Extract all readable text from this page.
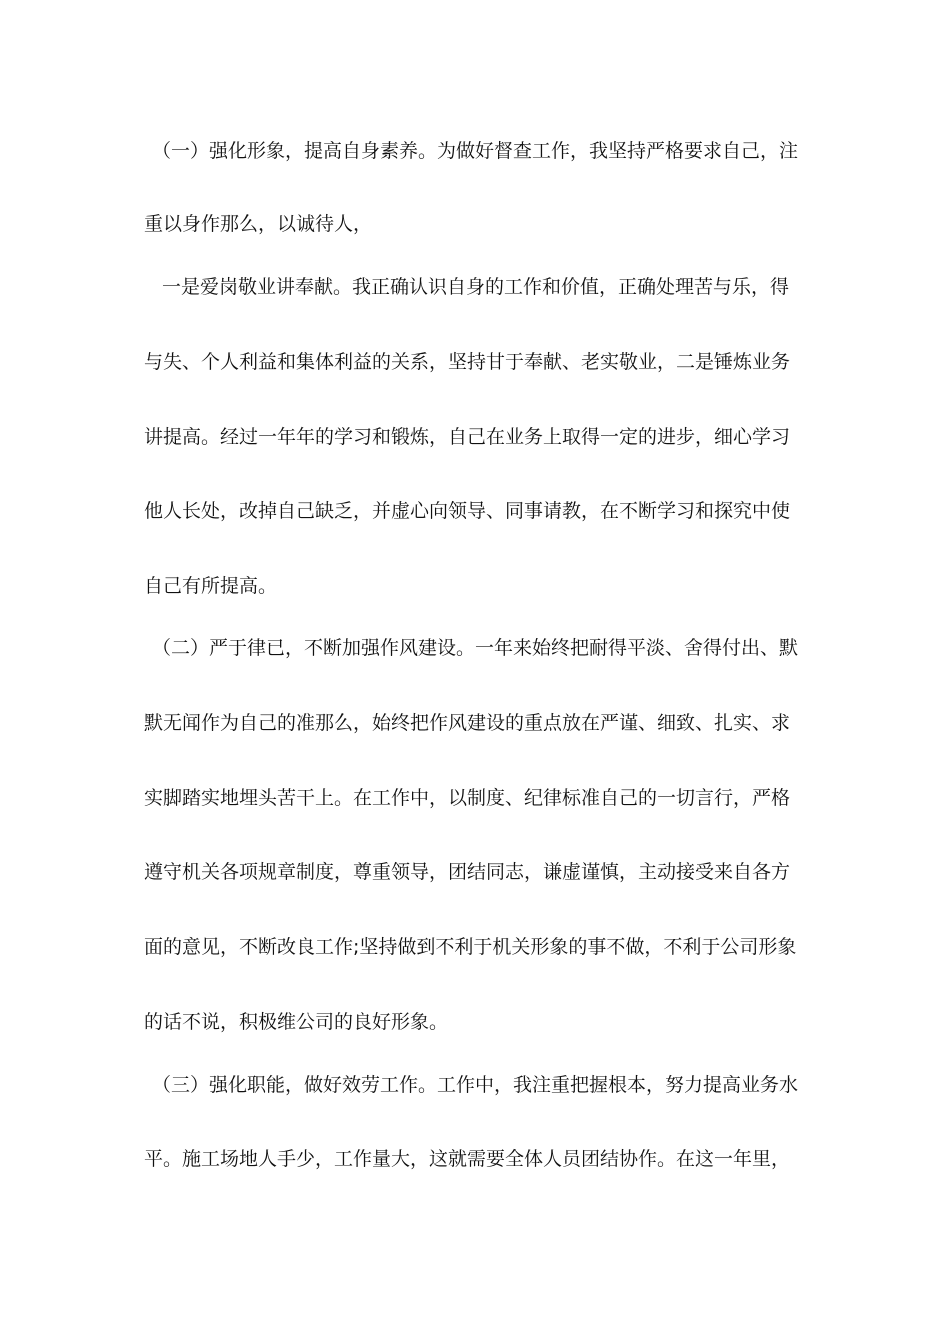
（一）强化形象，提高自身素养。为做好督查工作，我坚持严格要求自己，注
重以身作那么，以诚待人，
一是爱岗敬业讲奉献。我正确认识自身的工作和价值，正确处理苦与乐，得
与失、个人利益和集体利益的关系，坚持甘于奉献、老实敬业，二是锤炼业务
讲提高。经过一年年的学习和锻炼，自己在业务上取得一定的进步，细心学习
他人长处，改掉自己缺乏，并虚心向领导、同事请教，在不断学习和探究中使
自己有所提高。
（二）严于律已，不断加强作风建设。一年来始终把耐得平淡、舍得付出、默
默无闻作为自己的准那么，始终把作风建设的重点放在严谨、细致、扎实、求
实脚踏实地埋头苦干上。在工作中，以制度、纪律标准自己的一切言行，严格
遵守机关各项规章制度，尊重领导，团结同志，谦虚谨慎，主动接受来自各方
面的意见，不断改良工作;坚持做到不利于机关形象的事不做，不利于公司形象
的话不说，积极维公司的良好形象。
（三）强化职能，做好效劳工作。工作中，我注重把握根本，努力提高业务水
平。施工场地人手少，工作量大，这就需要全体人员团结协作。在这一年里，
